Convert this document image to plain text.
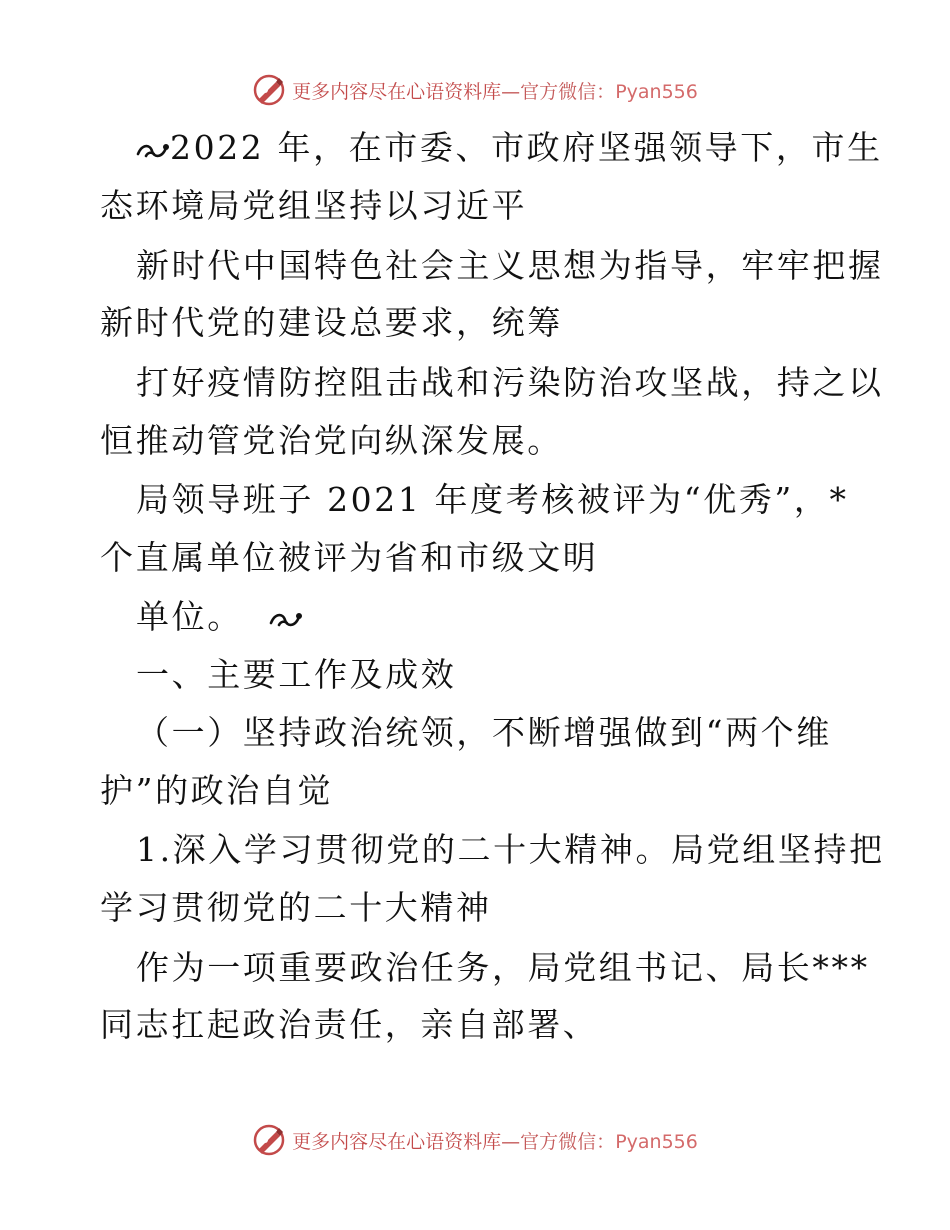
更多内容尽在心语资料库—官方微信：Pyan556
2022 年，在市委、市政府坚强领导下，市生
态环境局党组坚持以习近平
新时代中国特色社会主义思想为指导，牢牢把握
新时代党的建设总要求，统筹
打好疫情防控阻击战和污染防治攻坚战，持之以
恒推动管党治党向纵深发展。
局领导班子 2021 年度考核被评为“优秀”，*
个直属单位被评为省和市级文明
单位。
一、主要工作及成效
（一）坚持政治统领，不断增强做到“两个维
护”的政治自觉
1.深入学习贯彻党的二十大精神。局党组坚持把
学习贯彻党的二十大精神
作为一项重要政治任务，局党组书记、局长***
同志扛起政治责任，亲自部署、
更多内容尽在心语资料库—官方微信：Pyan556
